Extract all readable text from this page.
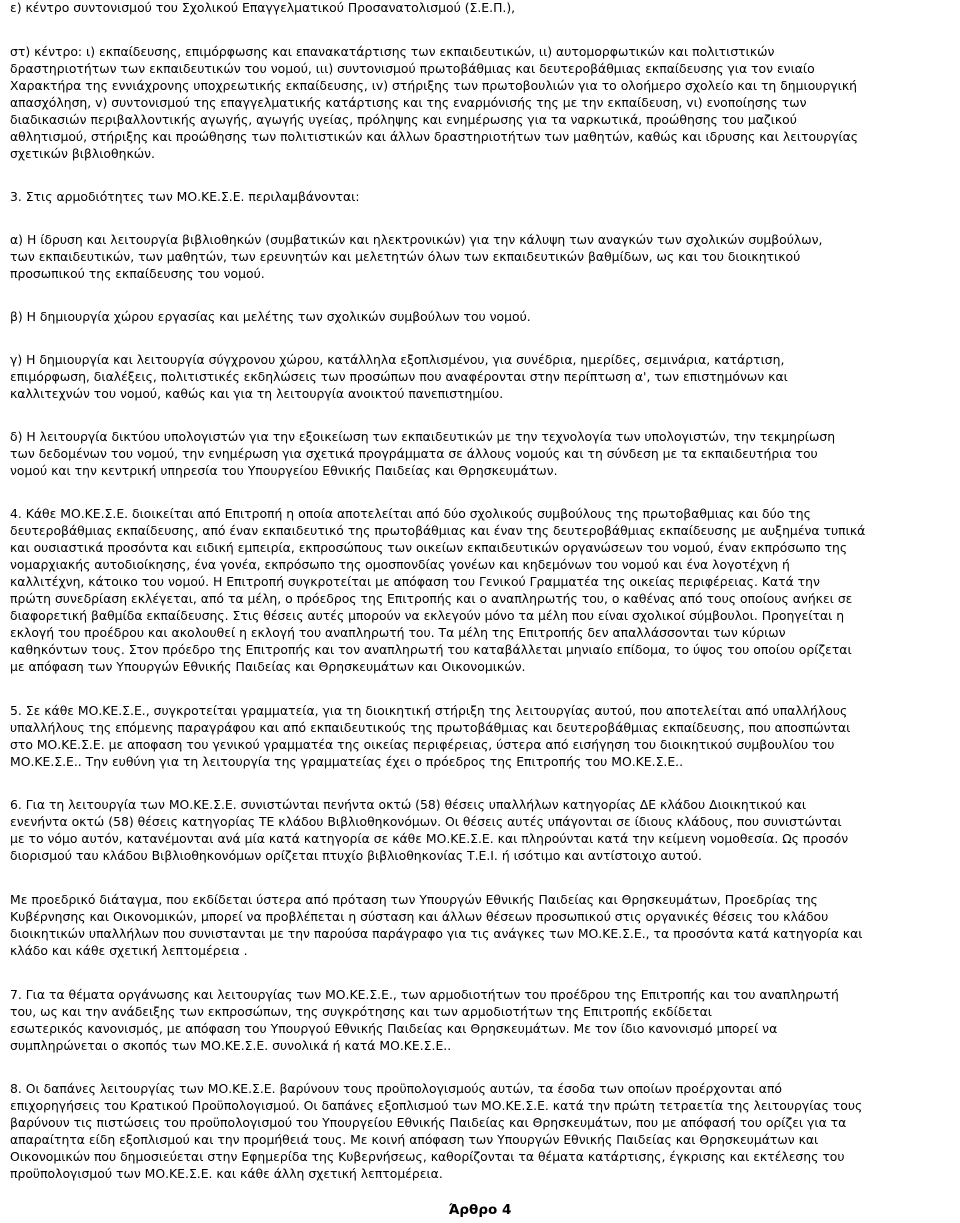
ε) κέντρο συντονισμού του Σχολικού Επαγγελματικού Προσανατολισμού (Σ.Ε.Π.),
στ) κέντρο: ι) εκπαίδευσης, επιμόρφωσης και επανακατάρτισης των εκπαιδευτικών, ιι) αυτομορφωτικών και πολιτιστικών
δραστηριοτήτων των εκπαιδευτικών του νομού, ιιι) συντονισμού πρωτοβάθμιας και δευτεροβάθμιας εκπαίδευσης για τον ενιαίο
Χαρακτήρα της εννιάχρονης υποχρεωτικής εκπαίδευσης, ιv) στήριξης των πρωτοβουλιών για το ολοήμερο σχολείο και τη δημιουργική
απασχόληση, v) συντονισμού της επαγγελματικής κατάρτισης και της εναρμόνισής της με την εκπαίδευση, vι) ενοποίησης των
διαδικασιών περιβαλλοντικής αγωγής, αγωγής υγείας, πρόληψης και ενημέρωσης για τα ναρκωτικά, προώθησης του μαζικού
αθλητισμού, στήριξης και προώθησης των πολιτιστικών και άλλων δραστηριοτήτων των μαθητών, καθώς και ιδρυσης και λειτουργίας
σχετικών βιβλιοθηκών.
3. Στις αρμοδιότητες των ΜΟ.ΚΕ.Σ.Ε. περιλαμβάνονται:
α) Η ίδρυση και λειτουργία βιβλιοθηκών (συμβατικών και ηλεκτρονικών) για την κάλυψη των αναγκών των σχολικών συμβούλων,
των εκπαιδευτικών, των μαθητών, των ερευνητών και μελετητών όλων των εκπαιδευτικών βαθμίδων, ως και του διοικητικού
προσωπικού της εκπαίδευσης του νομού.
β) Η δημιουργία χώρου εργασίας και μελέτης των σχολικών συμβούλων του νομού.
γ) Η δημιουργία και λειτουργία σύγχρονου χώρου, κατάλληλα εξοπλισμένου, για συνέδρια, ημερίδες, σεμινάρια, κατάρτιση,
επιμόρφωση, διαλέξεις, πολιτιστικές εκδηλώσεις των προσώπων που αναφέρονται στην περίπτωση α', των επιστημόνων και
καλλιτεχνών του νομού, καθώς και για τη λειτουργία ανοικτού πανεπιστημίου.
δ) Η λειτουργία δικτύου υπολογιστών για την εξοικείωση των εκπαιδευτικών με την τεχνολογία των υπολογιστών, την τεκμηρίωση
των δεδομένων του νομού, την ενημέρωση για σχετικά προγράμματα σε άλλους νομούς και τη σύνδεση με τα εκπαιδευτήρια του
νομού και την κεντρική υπηρεσία του Υπουργείου Εθνικής Παιδείας και Θρησκευμάτων.
4. Κάθε ΜΟ.ΚΕ.Σ.Ε. διοικείται από Επιτροπή η οποία αποτελείται από δύο σχολικούς συμβούλους της πρωτοβαθμιας και δύο της
δευτεροβάθμιας εκπαίδευσης, από έναν εκπαιδευτικό της πρωτοβάθμιας και έναν της δευτεροβάθμιας εκπαίδευσης με αυξημένα τυπικά
και ουσιαστικά προσόντα και ειδική εμπειρία, εκπροσώπους των οικείων εκπαιδευτικών οργανώσεων του νομού, έναν εκπρόσωπο της
νομαρχιακής αυτοδιοίκησης, ένα γονέα, εκπρόσωπο της ομοσπονδίας γονέων και κηδεμόνων του νομού και ένα λογοτέχνη ή
καλλιτέχνη, κάτοικο του νομού. Η Επιτροπή συγκροτείται με απόφαση του Γενικού Γραμματέα της οικείας περιφέρειας. Κατά την
πρώτη συνεδρίαση εκλέγεται, από τα μέλη, ο πρόεδρος της Επιτροπής και ο αναπληρωτής του, ο καθένας από τους οποίους ανήκει σε
διαφορετική βαθμίδα εκπαίδευσης. Στις θέσεις αυτές μπορούν να εκλεγούν μόνο τα μέλη που είναι σχολικοί σύμβουλοι. Προηγείται η
εκλογή του προέδρου και ακολουθεί η εκλογή του αναπληρωτή του. Τα μέλη της Επιτροπής δεν απαλλάσσονται των κύριων
καθηκόντων τους. Στον πρόεδρο της Επιτροπής και τον αναπληρωτή του καταβάλλεται μηνιαίο επίδομα, το ύψος του οποίου ορίζεται
με απόφαση των Υπουργών Εθνικής Παιδείας και Θρησκευμάτων και Οικονομικών.
5. Σε κάθε ΜΟ.ΚΕ.Σ.Ε., συγκροτείται γραμματεία, για τη διοικητική στήριξη της λειτουργίας αυτού, που αποτελείται από υπαλλήλους
υπαλλήλους της επόμενης παραγράφου και από εκπαιδευτικούς της πρωτοβάθμιας και δευτεροβάθμιας εκπαίδευσης, που αποσπώνται
στο ΜΟ.ΚΕ.Σ.Ε. με αποφαση του γενικού γραμματέα της οικείας περιφέρειας, ύστερα από εισήγηση του διοικητικού συμβουλίου του
ΜΟ.ΚΕ.Σ.Ε.. Την ευθύνη για τη λειτουργία της γραμματείας έχει ο πρόεδρος της Επιτροπής του ΜΟ.ΚΕ.Σ.Ε..
6. Για τη λειτουργία των ΜΟ.ΚΕ.Σ.Ε. συνιστώνται πενήντα οκτώ (58) θέσεις υπαλλήλων κατηγορίας ΔΕ κλάδου Διοικητικού και
ενενήντα οκτώ (58) θέσεις κατηγορίας ΤΕ κλάδου Βιβλιοθηκονόμων. Οι θέσεις αυτές υπάγονται σε ίδιους κλάδους, που συνιστώνται
με το νόμο αυτόν, κατανέμονται ανά μία κατά κατηγορία σε κάθε ΜΟ.ΚΕ.Σ.Ε. και πληρούνται κατά την κείμενη νομοθεσία. Ως προσόν
διορισμού ταυ κλάδου Βιβλιοθηκονόμων ορίζεται πτυχίο βιβλιοθηκονίας Τ.Ε.Ι. ή ισότιμο και αντίστοιχο αυτού.
Με προεδρικό διάταγμα, που εκδίδεται ύστερα από πρόταση των Υπουργών Εθνικής Παιδείας και Θρησκευμάτων, Προεδρίας της
Κυβέρνησης και Οικονομικών, μπορεί να προβλέπεται η σύσταση και άλλων θέσεων προσωπικού στις οργανικές θέσεις του κλάδου
διοικητικών υπαλλήλων που συνιστανται με την παρούσα παράγραφο για τις ανάγκες των ΜΟ.ΚΕ.Σ.Ε., τα προσόντα κατά κατηγορία και
κλάδο και κάθε σχετική λεπτομέρεια .
7. Για τα θέματα οργάνωσης και λειτουργίας των ΜΟ.ΚΕ.Σ.Ε., των αρμοδιοτήτων του προέδρου της Επιτροπής και του αναπληρωτή
του, ως και την ανάδειξης των εκπροσώπων, της συγκρότησης και των αρμοδιοτήτων της Επιτροπής εκδίδεται
εσωτερικός κανονισμός, με απόφαση του Υπουργού Εθνικής Παιδείας και Θρησκευμάτων. Με τον ίδιο κανονισμό μπορεί να
συμπληρώνεται ο σκοπός των ΜΟ.ΚΕ.Σ.Ε. συνολικά ή κατά ΜΟ.ΚΕ.Σ.Ε..
8. Οι δαπάνες λειτουργίας των ΜΟ.ΚΕ.Σ.Ε. βαρύνουν τους προϋπολογισμούς αυτών, τα έσοδα των οποίων προέρχονται από
επιχορηγήσεις του Κρατικού Προϋπολογισμού. Οι δαπάνες εξοπλισμού των ΜΟ.ΚΕ.Σ.Ε. κατά την πρώτη τετραετία της λειτουργίας τους
βαρύνουν τις πιστώσεις του προϋπολογισμού του Υπουργείου Εθνικής Παιδείας και Θρησκευμάτων, που με απόφασή του ορίζει για τα
απαραίτητα είδη εξοπλισμού και την προμήθειά τους. Με κοινή απόφαση των Υπουργών Εθνικής Παιδείας και Θρησκευμάτων και
Οικονομικών που δημοσιεύεται στην Εφημερίδα της Κυβερνήσεως, καθορίζονται τα θέματα κατάρτισης, έγκρισης και εκτέλεσης του
προϋπολογισμού των ΜΟ.ΚΕ.Σ.Ε. και κάθε άλλη σχετική λεπτομέρεια.
Άρθρο 4
